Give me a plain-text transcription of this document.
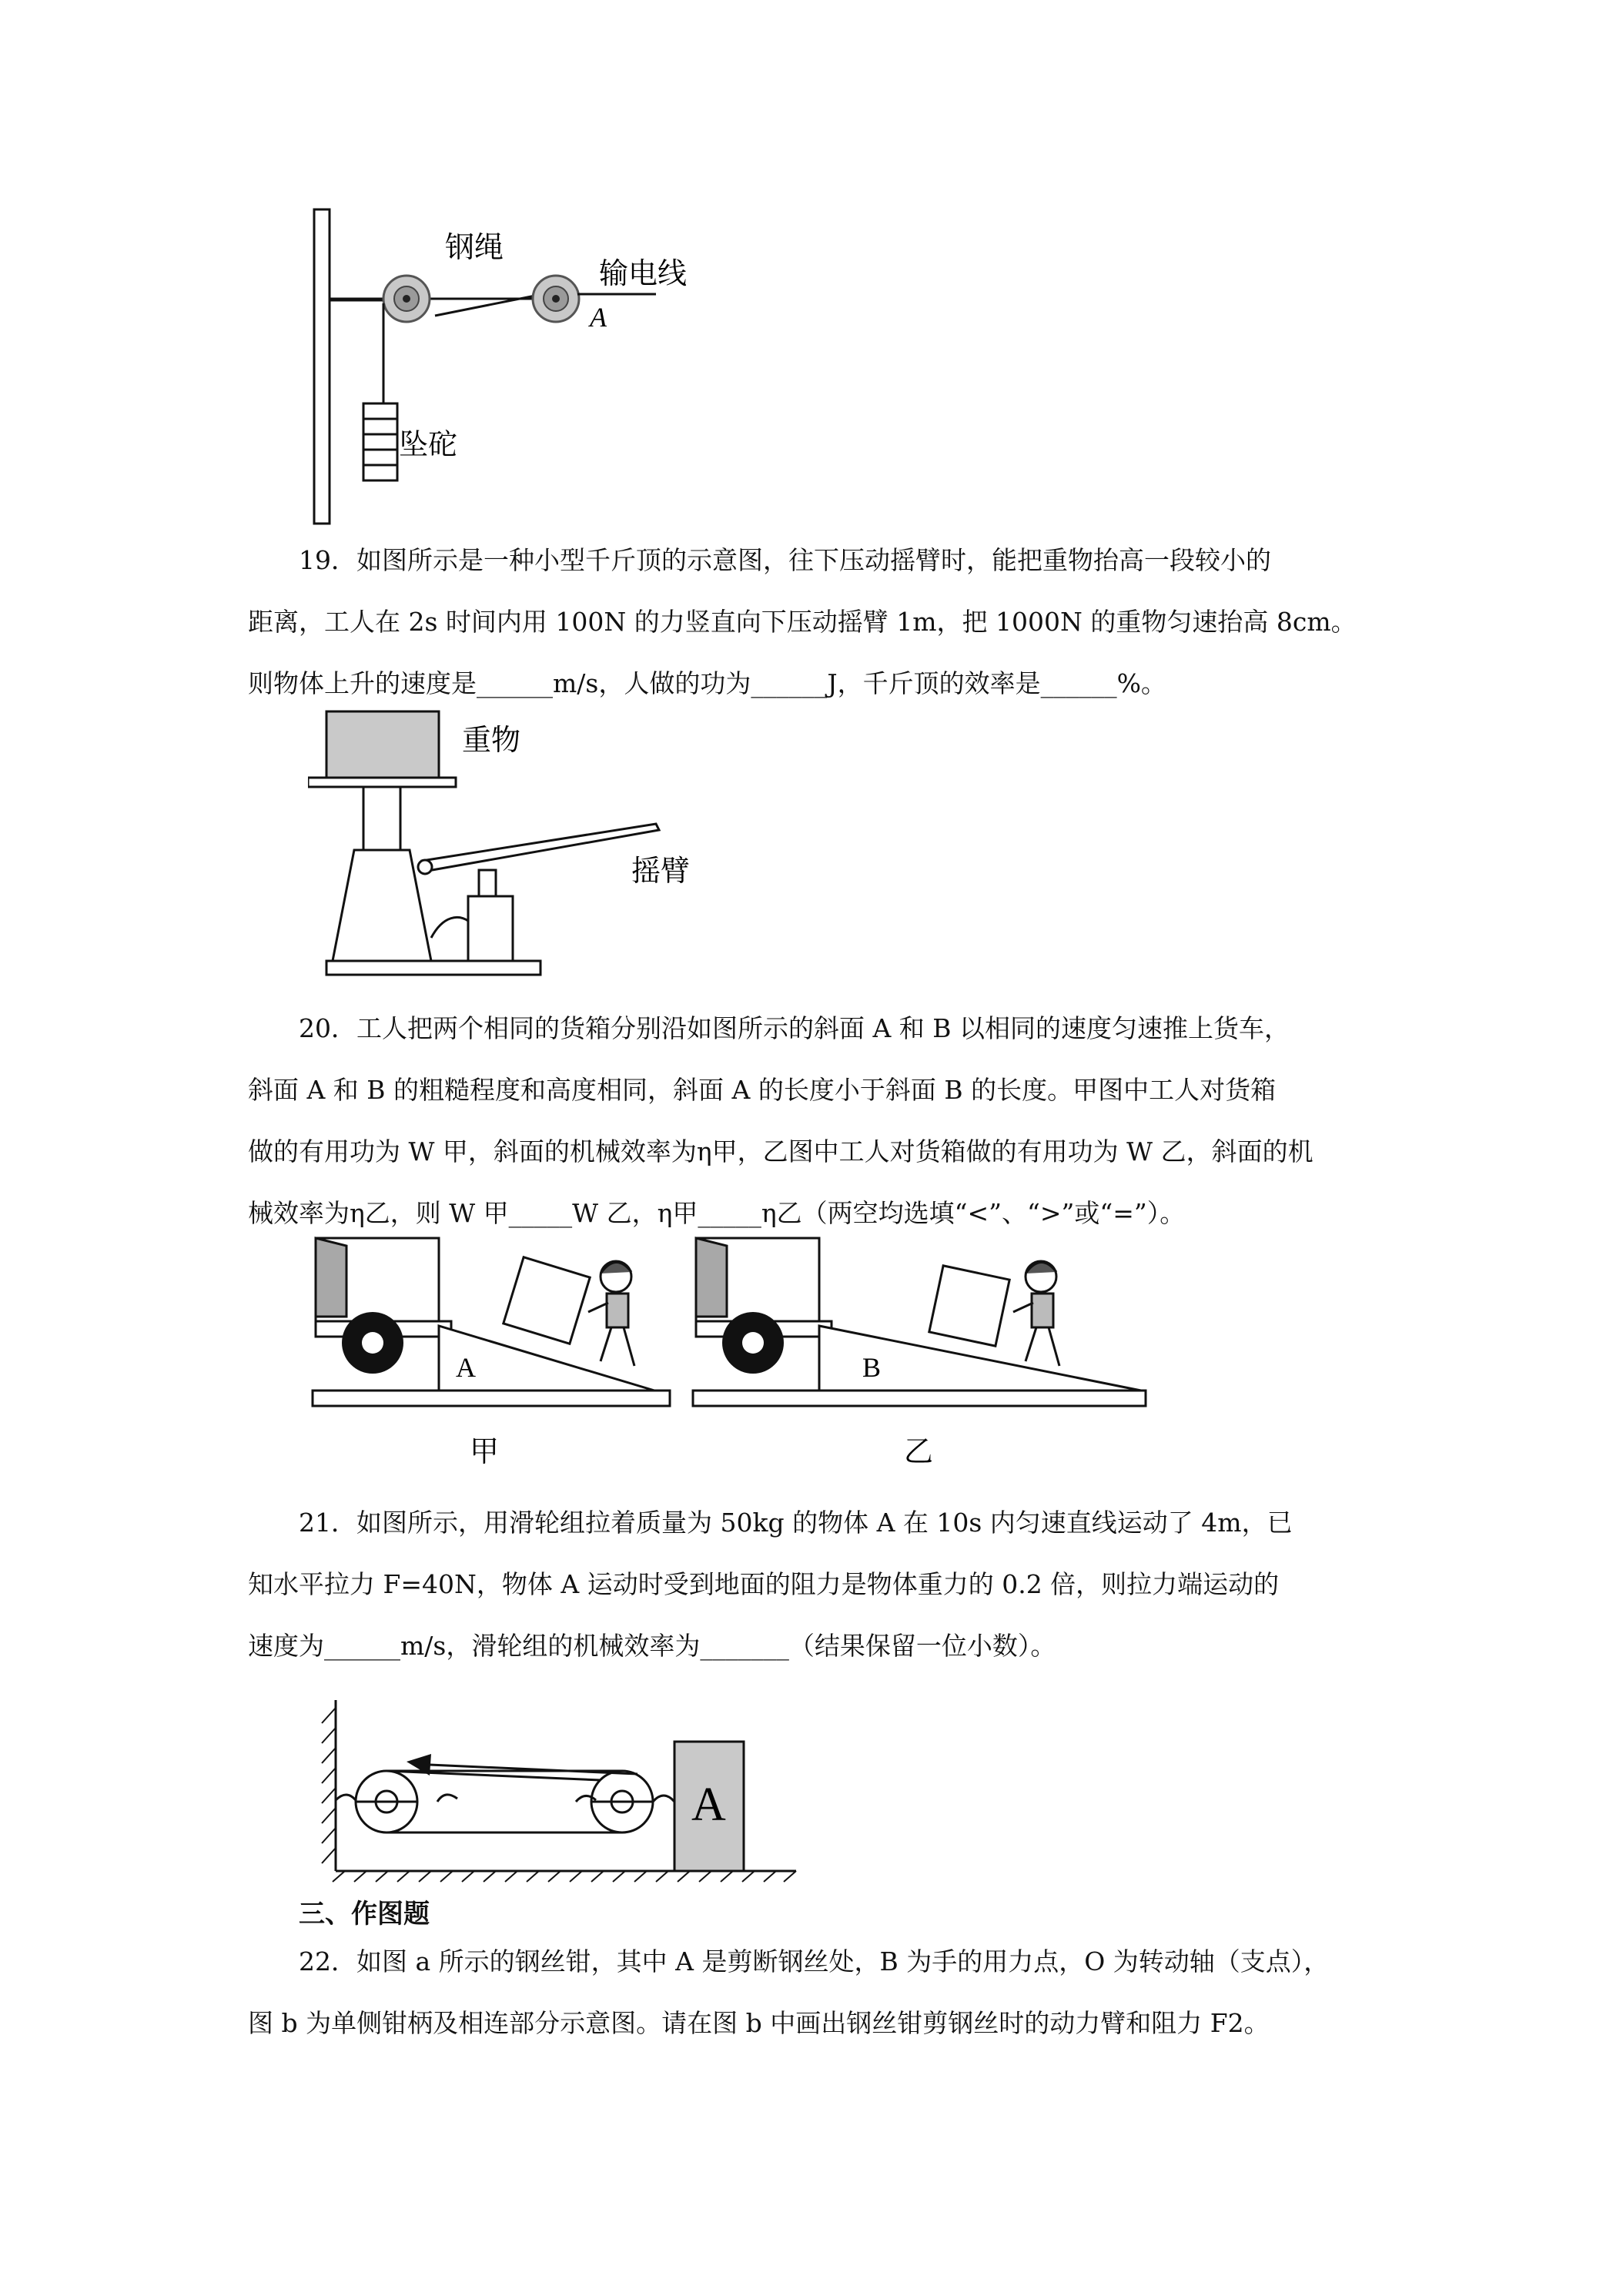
钢绳
输电线
A
坠砣
19．如图所示是一种小型千斤顶的示意图，往下压动摇臂时，能把重物抬高一段较小的
距离，工人在 2s 时间内用 100N 的力竖直向下压动摇臂 1m，把 1000N 的重物匀速抬高 8cm。
则物体上升的速度是______m/s，人做的功为______J，千斤顶的效率是______%。
重物
摇臂
20．工人把两个相同的货箱分别沿如图所示的斜面 A 和 B 以相同的速度匀速推上货车，
斜面 A 和 B 的粗糙程度和高度相同，斜面 A 的长度小于斜面 B 的长度。甲图中工人对货箱
做的有用功为 W 甲，斜面的机械效率为η甲，乙图中工人对货箱做的有用功为 W 乙，斜面的机
械效率为η乙，则 W 甲_____W 乙，η甲_____η乙（两空均选填“<”、“>”或“=”）。
A
甲
B
乙
21．如图所示，用滑轮组拉着质量为 50kg 的物体 A 在 10s 内匀速直线运动了 4m，已
知水平拉力 F=40N，物体 A 运动时受到地面的阻力是物体重力的 0.2 倍，则拉力端运动的
速度为______m/s，滑轮组的机械效率为_______（结果保留一位小数）。
A
三、作图题
22．如图 a 所示的钢丝钳，其中 A 是剪断钢丝处，B 为手的用力点，O 为转动轴（支点），
图 b 为单侧钳柄及相连部分示意图。请在图 b 中画出钢丝钳剪钢丝时的动力臂和阻力 F2。
